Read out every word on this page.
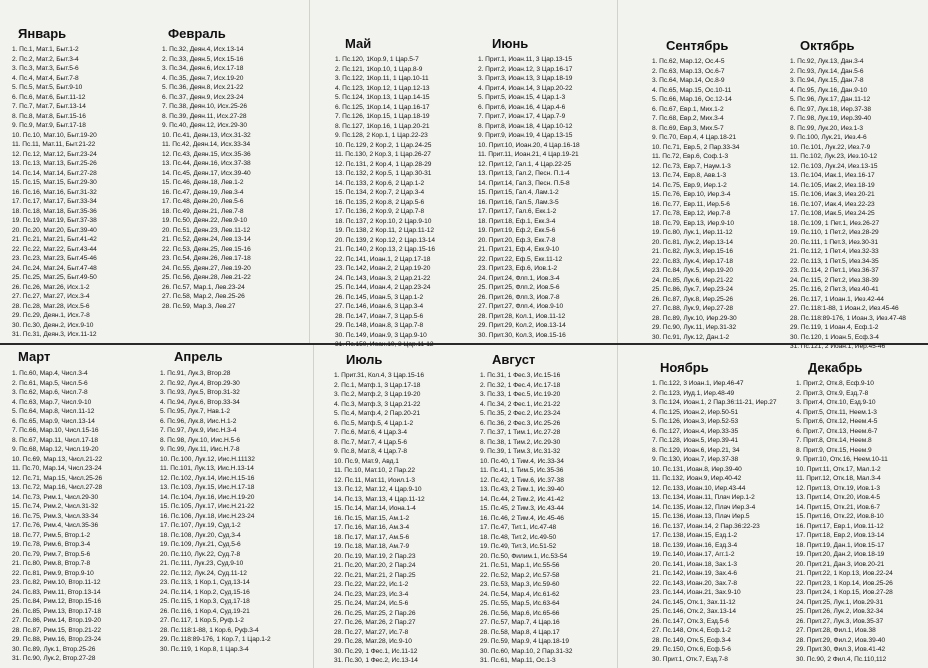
Январь
1. Пс.1, Мат.1, Быт.1-2
2. Пс.2, Мат.2, Быт.3-4
3. Пс.3, Мат.3, Быт.5-6
4. Пс.4, Мат.4, Быт.7-8
5. Пс.5, Мат.5, Быт.9-10
6. Пс.6, Мат.6, Быт.11-12
7. Пс.7, Мат.7, Быт.13-14
8. Пс.8, Мат.8, Быт.15-16
9. Пс.9, Мат.9, Быт.17-18
10. Пс.10, Мат.10, Быт.19-20
11. Пс.11, Мат.11, Быт.21-22
12. Пс.12, Мат.12, Быт.23-24
13. Пс.13, Мат.13, Быт.25-26
14. Пс.14, Мат.14, Быт.27-28
15. Пс.15, Мат.15, Быт.29-30
16. Пс.16, Мат.16, Быт.31-32
17. Пс.17, Мат.17, Быт.33-34
18. Пс.18, Мат.18, Быт.35-36
19. Пс.19, Мат.19, Быт.37-38
20. Пс.20, Мат.20, Быт.39-40
21. Пс.21, Мат.21, Быт.41-42
22. Пс.22, Мат.22, Быт.43-44
23. Пс.23, Мат.23, Быт.45-46
24. Пс.24, Мат.24, Быт.47-48
25. Пс.25, Мат.25, Быт.49-50
26. Пс.26, Мат.26, Исх.1-2
27. Пс.27, Мат.27, Исх.3-4
28. Пс.28, Мат.28, Исх.5-6
29. Пс.29, Деян.1, Исх.7-8
30. Пс.30, Деян.2, Исх.9-10
31. Пс.31, Деян.3, Исх.11-12
Февраль
1. Пс.32, Деян.4, Исх.13-14
2. Пс.33, Деян.5, Исх.15-16
3. Пс.34, Деян.6, Исх.17-18
4. Пс.35, Деян.7, Исх.19-20
5. Пс.36, Деян.8, Исх.21-22
6. Пс.37, Деян.9, Исх.23-24
7. Пс.38, Деян.10, Исх.25-26
8. Пс.39, Деян.11, Исх.27-28
9. Пс.40, Деян.12, Исх.29-30
10. Пс.41, Деян.13, Исх.31-32
11. Пс.42, Деян.14, Исх.33-34
12. Пс.43, Деян.15, Исх.35-36
13. Пс.44, Деян.16, Исх.37-38
14. Пс.45, Деян.17, Исх.39-40
15. Пс.46, Деян.18, Лев.1-2
16. Пс.47, Деян.19, Лев.3-4
17. Пс.48, Деян.20, Лев.5-6
18. Пс.49, Деян.21, Лев.7-8
19. Пс.50, Деян.22, Лев.9-10
20. Пс.51, Деян.23, Лев.11-12
21. Пс.52, Деян.24, Лев.13-14
22. Пс.53, Деян.25, Лев.15-16
23. Пс.54, Деян.26, Лев.17-18
24. Пс.55, Деян.27, Лев.19-20
25. Пс.56, Деян.28, Лев.21-22
26. Пс.57, Мар.1, Лев.23-24
27. Пс.58, Мар.2, Лев.25-26
28. Пс.59, Мар.3, Лев.27
Май
1. Пс.120, 1Кор.9, 1 Цар.5-7
2. Пс.121, 1Кор.10, 1 Цар.8-9
3. Пс.122, 1Кор.11, 1 Цар.10-11
4. Пс.123, 1Кор.12, 1 Цар.12-13
5. Пс.124, 1Кор.13, 1 Цар.14-15
6. Пс.125, 1Кор.14, 1 Цар.16-17
7. Пс.126, 1Кор.15, 1 Цар.18-19
8. Пс.127, 1Кор.16, 1 Цар.20-21
9. Пс.128, 2 Кор.1, 1 Цар.22-23
10. Пс.129, 2 Кор.2, 1 Цар.24-25
11. Пс.130, 2 Кор.3, 1 Цар.26-27
12. Пс.131, 2 Кор.4, 1 Цар.28-29
13. Пс.132, 2 Кор.5, 1 Цар.30-31
14. Пс.133, 2 Кор.6, 2 Цар.1-2
15. Пс.134, 2 Кор.7, 2 Цар.3-4
16. Пс.135, 2 Кор.8, 2 Цар.5-6
17. Пс.136, 2 Кор.9, 2 Цар.7-8
18. Пс.137, 2 Кор.10, 2 Цар.9-10
19. Пс.138, 2 Кор.11, 2 Цар.11-12
20. Пс.139, 2 Кор.12, 2 Цар.13-14
21. Пс.140, 2 Кор.13, 2 Цар.15-16
22. Пс.141, Иоан.1, 2 Цар.17-18
23. Пс.142, Иоан.2, 2 Цар.19-20
24. Пс.143, Иоан.3, 2 Цар.21-22
25. Пс.144, Иоан.4, 2 Цар.23-24
26. Пс.145, Иоан.5, 3 Цар.1-2
27. Пс.146, Иоан.6, 3 Цар.3-4
28. Пс.147, Иоан.7, 3 Цар.5-6
29. Пс.148, Иоан.8, 3 Цар.7-8
30. Пс.149, Иоан.9, 3 Цар.9-10
31. Пс.150, Иоан.10, 3 Цар.11-12
Июнь
1. Прит.1, Иоан.11, 3 Цар.13-15
2. Прит.2, Иоан.12, 3 Цар.16-17
3. Прит.3, Иоан.13, 3 Цар.18-19
4. Прит.4, Иоан.14, 3 Цар.20-22
5. Прит.5, Иоан.15, 4 Цар.1-3
6. Прит.6, Иоан.16, 4 Цар.4-6
7. Прит.7, Иоан.17, 4 Цар.7-9
8. Прит.8, Иоан.18, 4 Цар.10-12
9. Прит.9, Иоан.19, 4 Цар.13-15
10. Прит.10, Иоан.20, 4 Цар.16-18
11. Прит.11, Иоан.21, 4 Цар.19-21
12. Прит.12, Гал.1, 4 Цар.22-25
13. Прит.13, Гал.2, Песн. П.1-4
14. Прит.14, Гал.3, Песн. П.5-8
15. Прит.15, Гал.4, Лам.1-2
16. Прит.16, Гал.5, Лам.3-5
17. Прит.17, Гал.6, Екк.1-2
18. Прит.18, Еф.1, Екк.3-4
19. Прит.19, Еф.2, Екк.5-6
20. Прит.20, Еф.3, Екк.7-8
21. Прит.21, Еф.4, Екк.9-10
22. Прит.22, Еф.5, Екк.11-12
23. Прит.23, Еф.6, Иов.1-2
24. Прит.24, Флп.1, Иов.3-4
25. Прит.25, Флп.2, Иов.5-6
26. Прит.26, Флп.3, Иов.7-8
27. Прит.27, Флп.4, Иов.9-10
28. Прит.28, Кол.1, Иов.11-12
29. Прит.29, Кол.2, Иов.13-14
30. Прит.30, Кол.3, Иов.15-16
Сентябрь
1. Пс.62, Мар.12, Ос.4-5
2. Пс.63, Мар.13, Ос.6-7
3. Пс.64, Мар.14, Ос.8-9
4. Пс.65, Мар.15, Ос.10-11
5. Пс.66, Мар.16, Ос.12-14
6. Пс.67, Евр.1, Мих.1-2
7. Пс.68, Евр.2, Мих.3-4
8. Пс.69, Евр.3, Мих.5-7
9. Пс.70, Евр.4, 4 Цар.18-21
10. Пс.71, Евр.5, 2 Пар.33-34
11. Пс.72, Евр.6, Соф.1-3
12. Пс.73, Евр.7, Наум.1-3
13. Пс.74, Евр.8, Авв.1-3
14. Пс.75, Евр.9, Иер.1-2
15. Пс.76, Евр.10, Иер.3-4
16. Пс.77, Евр.11, Иер.5-6
17. Пс.78, Евр.12, Иер.7-8
18. Пс.79, Евр.13, Иер.9-10
19. Пс.80, Лук.1, Иер.11-12
20. Пс.81, Лук.2, Иер.13-14
21. Пс.82, Лук.3, Иер.15-16
22. Пс.83, Лук.4, Иер.17-18
23. Пс.84, Лук.5, Иер.19-20
24. Пс.85, Лук.6, Иер.21-22
25. Пс.86, Лук.7, Иер.23-24
26. Пс.87, Лук.8, Иер.25-26
27. Пс.88, Лук.9, Иер.27-28
28. Пс.89, Лук.10, Иер.29-30
29. Пс.90, Лук.11, Иер.31-32
30. Пс.91, Лук.12, Дан.1-2
Октябрь
1. Пс.92, Лук.13, Дан.3-4
2. Пс.93, Лук.14, Дан.5-6
3. Пс.94, Лук.15, Дан.7-8
4. Пс.95, Лук.16, Дан.9-10
5. Пс.96, Лук.17, Дан.11-12
6. Пс.97, Лук.18, Иер.37-38
7. Пс.98, Лук.19, Иер.39-40
8. Пс.99, Лук.20, Иез.1-3
9. Пс.100, Лук.21, Иез.4-6
10. Пс.101, Лук.22, Иез.7-9
11. Пс.102, Лук.23, Иез.10-12
12. Пс.103, Лук.24, Иез.13-15
13. Пс.104, Иак.1, Иез.16-17
14. Пс.105, Иак.2, Иез.18-19
15. Пс.106, Иак.3, Иез.20-21
16. Пс.107, Иак.4, Иез.22-23
17. Пс.108, Иак.5, Иез.24-25
18. Пс.109, 1 Пет.1, Иез.26-27
19. Пс.110, 1 Пет.2, Иез.28-29
20. Пс.111, 1 Пет.3, Иез.30-31
21. Пс.112, 1 Пет.4, Иез.32-33
22. Пс.113, 1 Пет.5, Иез.34-35
23. Пс.114, 2 Пет.1, Иез.36-37
24. Пс.115, 2 Пет.2, Иез.38-39
25. Пс.116, 2 Пет.3, Иез.40-41
26. Пс.117, 1 Иоан.1, Иез.42-44
27. Пс.118:1-88, 1 Иоан.2, Иез.45-46
28. Пс.118:89-176, 1 Иоан.3, Иез.47-48
29. Пс.119, 1 Иоан.4, Есф.1-2
30. Пс.120, 1 Иоан.5, Есф.3-4
31. Пс.121, 2 Иоан.1, Иер.45-46
Март
1. Пс.60, Мар.4, Числ.3-4
2. Пс.61, Мар.5, Числ.5-6
3. Пс.62, Мар.6, Числ.7-8
4. Пс.63, Мар.7, Числ.9-10
5. Пс.64, Мар.8, Числ.11-12
6. Пс.65, Мар.9, Числ.13-14
7. Пс.66, Мар.10, Числ.15-16
8. Пс.67, Мар.11, Числ.17-18
9. Пс.68, Мар.12, Числ.19-20
10. Пс.69, Мар.13, Числ.21-22
11. Пс.70, Мар.14, Числ.23-24
12. Пс.71, Мар.15, Числ.25-26
13. Пс.72, Мар.16, Числ.27-28
14. Пс.73, Рим.1, Числ.29-30
15. Пс.74, Рим.2, Числ.31-32
16. Пс.75, Рим.3, Числ.33-34
17. Пс.76, Рим.4, Числ.35-36
18. Пс.77, Рим.5, Втор.1-2
19. Пс.78, Рим.6, Втор.3-4
20. Пс.79, Рим.7, Втор.5-6
21. Пс.80, Рим.8, Втор.7-8
22. Пс.81, Рим.9, Втор.9-10
23. Пс.82, Рим.10, Втор.11-12
24. Пс.83, Рим.11, Втор.13-14
25. Пс.84, Рим.12, Втор.15-16
26. Пс.85, Рим.13, Втор.17-18
27. Пс.86, Рим.14, Втор.19-20
28. Пс.87, Рим.15, Втор.21-22
29. Пс.88, Рим.16, Втор.23-24
30. Пс.89, Лук.1, Втор.25-26
31. Пс.90, Лук.2, Втор.27-28
Апрель
1. Пс.91, Лук.3, Втор.28
2. Пс.92, Лук.4, Втор.29-30
3. Пс.93, Лук.5, Втор.31-32
4. Пс.94, Лук.6, Втор.33-34
5. Пс.95, Лук.7, Нав.1-2
6. Пс.96, Лук.8, Иис.Н.1-2
7. Пс.97, Лук.9, Иис.Н.3-4
8. Пс.98, Лук.10, Иис.Н.5-6
9. Пс.99, Лук.11, Иис.Н.7-8
10. Пс.100, Лук.12, Иис.Н.11132
11. Пс.101, Лук.13, Иис.Н.13-14
12. Пс.102, Лук.14, Иис.Н.15-16
13. Пс.103, Лук.15, Иис.Н.17-18
14. Пс.104, Лук.16, Иис.Н.19-20
15. Пс.105, Лук.17, Иис.Н.21-22
16. Пс.106, Лук.18, Иис.Н.23-24
17. Пс.107, Лук.19, Суд.1-2
18. Пс.108, Лук.20, Суд.3-4
19. Пс.109, Лук.21, Суд.5-6
20. Пс.110, Лук.22, Суд.7-8
21. Пс.111, Лук.23, Суд.9-10
22. Пс.112, Лук.24, Суд.11-12
23. Пс.113, 1 Кор.1, Суд.13-14
24. Пс.114, 1 Кор.2, Суд.15-16
25. Пс.115, 1 Кор.3, Суд.17-18
26. Пс.116, 1 Кор.4, Суд.19-21
27. Пс.117, 1 Кор.5, Руф.1-2
28. Пс.118:1-88, 1 Кор.6, Руф.3-4
29. Пс.118:89-176, 1 Кор.7, 1 Цар.1-2
30. Пс.119, 1 Кор.8, 1 Цар.3-4
Июль
1. Прит.31, Кол.4, 3 Цар.15-16
2. Пс.1, Матф.1, 3 Цар.17-18
3. Пс.2, Матф.2, 3 Цар.19-20
4. Пс.3, Матф.3, 3 Цар.21-22
5. Пс.4, Матф.4, 2 Пар.20-21
6. Пс.5, Матф.5, 4 Цар.1-2
7. Пс.6, Мат.6, 4 Цар.3-4
8. Пс.7, Мат.7, 4 Цар.5-6
9. Пс.8, Мат.8, 4 Цар.7-8
10. Пс.9, Мат.9, Авд.1
11. Пс.10, Мат.10, 2 Пар.22
12. Пс.11, Мат.11, Иоил.1-3
13. Пс.12, Мат.12, 4 Цар.9-10
14. Пс.13, Мат.13, 4 Цар.11-12
15. Пс.14, Мат.14, Иона.1-4
16. Пс.15, Мат.15, Ам.1-2
17. Пс.16, Мат.16, Ам.3-4
18. Пс.17, Мат.17, Ам.5-6
19. Пс.18, Мат.18, Ам.7-9
20. Пс.19, Мат.19, 2 Пар.23
21. Пс.20, Мат.20, 2 Пар.24
22. Пс.21, Мат.21, 2 Пар.25
23. Пс.22, Мат.22, Ис.1-2
24. Пс.23, Мат.23, Ис.3-4
25. Пс.24, Мат.24, Ис.5-6
26. Пс.25, Мат.25, 2 Пар.26
27. Пс.26, Мат.26, 2 Пар.27
28. Пс.27, Мат.27, Ис.7-8
29. Пс.28, Мат.28, Ис.9-10
30. Пс.29, 1 Фес.1, Ис.11-12
31. Пс.30, 1 Фес.2, Ис.13-14
Август
1. Пс.31, 1 Фес.3, Ис.15-16
2. Пс.32, 1 Фес.4, Ис.17-18
3. Пс.33, 1 Фес.5, Ис.19-20
4. Пс.34, 2 Фес.1, Ис.21-22
5. Пс.35, 2 Фес.2, Ис.23-24
6. Пс.36, 2 Фес.3, Ис.25-26
7. Пс.37, 1 Тим.1, Ис.27-28
8. Пс.38, 1 Тим.2, Ис.29-30
9. Пс.39, 1 Тим.3, Ис.31-32
10. Пс.40, 1 Тим.4, Ис.33-34
11. Пс.41, 1 Тим.5, Ис.35-36
12. Пс.42, 1 Тим.6, Ис.37-38
13. Пс.43, 2 Тим.1, Ис.39-40
14. Пс.44, 2 Тим.2, Ис.41-42
15. Пс.45, 2 Тим.3, Ис.43-44
16. Пс.46, 2 Тим.4, Ис.45-46
17. Пс.47, Тит.1, Ис.47-48
18. Пс.48, Тит.2, Ис.49-50
19. Пс.49, Тит.3, Ис.51-52
20. Пс.50, Филим.1, Ис.53-54
21. Пс.51, Мар.1, Ис.55-56
22. Пс.52, Мар.2, Ис.57-58
23. Пс.53, Мар.3, Ис.59-60
24. Пс.54, Мар.4, Ис.61-62
25. Пс.55, Мар.5, Ис.63-64
26. Пс.56, Мар.6, Ис.65-66
27. Пс.57, Мар.7, 4 Цар.16
28. Пс.58, Мар.8, 4 Цар.17
29. Пс.59, Мар.9, 4 Цар.18-19
30. Пс.60, Мар.10, 2 Пар.31-32
31. Пс.61, Мар.11, Ос.1-3
Ноябрь
1. Пс.122, 3 Иоан.1, Иер.46-47
2. Пс.123, Иуд.1, Иер.48-49
3. Пс.124, Иоан.1, 2 Пар.36:11-21, Иер.27
4. Пс.125, Иоан.2, Иер.50-51
5. Пс.126, Иоан.3, Иер.52-53
6. Пс.127, Иоан.4, Иер.33-35
7. Пс.128, Иоан.5, Иер.39-41
8. Пс.129, Иоан.6, Иер.21, 34
9. Пс.130, Иоан.7, Иер.37-38
10. Пс.131, Иоан.8, Иер.39-40
11. Пс.132, Иоан.9, Иер.40-42
12. Пс.133, Иоан.10, Иер.43-44
13. Пс.134, Иоан.11, Плач Иер.1-2
14. Пс.135, Иоан.12, Плач Иер.3-4
15. Пс.136, Иоан.13, Плач Иер.5
16. Пс.137, Иоан.14, 2 Пар.36:22-23
17. Пс.138, Иоан.15, Езд.1-2
18. Пс.139, Иоан.16, Езд.3-4
19. Пс.140, Иоан.17, Агг.1-2
20. Пс.141, Иоан.18, Зах.1-3
21. Пс.142, Иоан.19, Зах.4-6
22. Пс.143, Иоан.20, Зах.7-8
23. Пс.144, Иоан.21, Зах.9-10
24. Пс.145, Отк.1, Зах.11-12
25. Пс.146, Отк.2, Зах.13-14
26. Пс.147, Отк.3, Езд.5-6
27. Пс.148, Отк.4, Есф.1-2
28. Пс.149, Отк.5, Есф.3-4
29. Пс.150, Отк.6, Есф.5-6
30. Прит.1, Отк.7, Езд.7-8
Декабрь
1. Прит.2, Отк.8, Есф.9-10
2. Прит.3, Отк.9, Езд.7-8
3. Прит.4, Отк.10, Езд.9-10
4. Прит.5, Отк.11, Неем.1-3
5. Прит.6, Отк.12, Неем.4-5
6. Прит.7, Отк.13, Неем.6-7
7. Прит.8, Отк.14, Неем.8
8. Прит.9, Отк.15, Неем.9
9. Прит.10, Отк.16, Неем.10-11
10. Прит.11, Отк.17, Мал.1-2
11. Прит.12, Отк.18, Мал.3-4
12. Прит.13, Отк.19, Иов.1-3
13. Прит.14, Отк.20, Иов.4-5
14. Прит.15, Отк.21, Иов.6-7
15. Прит.16, Отк.22, Иов.8-10
16. Прит.17, Евр.1, Иов.11-12
17. Прит.18, Евр.2, Иов.13-14
18. Прит.19, Дан.1, Иов.15-17
19. Прит.20, Дан.2, Иов.18-19
20. Прит.21, Дан.3, Иов.20-21
21. Прит.22, 1 Кор.13, Иов.22-24
22. Прит.23, 1 Кор.14, Иов.25-26
23. Прит.24, 1 Кор.15, Иов.27-28
24. Прит.25, Лук.1, Иов.29-31
25. Прит.26, Лук.2, Иов.32-34
26. Прит.27, Лук.3, Иов.35-37
27. Прит.28, Фил.1, Иов.38
28. Прит.29, Фил.2, Иов.39-40
29. Прит.30, Фил.3, Иов.41-42
30. Пс.90, 2 Фил.4, Пс.110,112
